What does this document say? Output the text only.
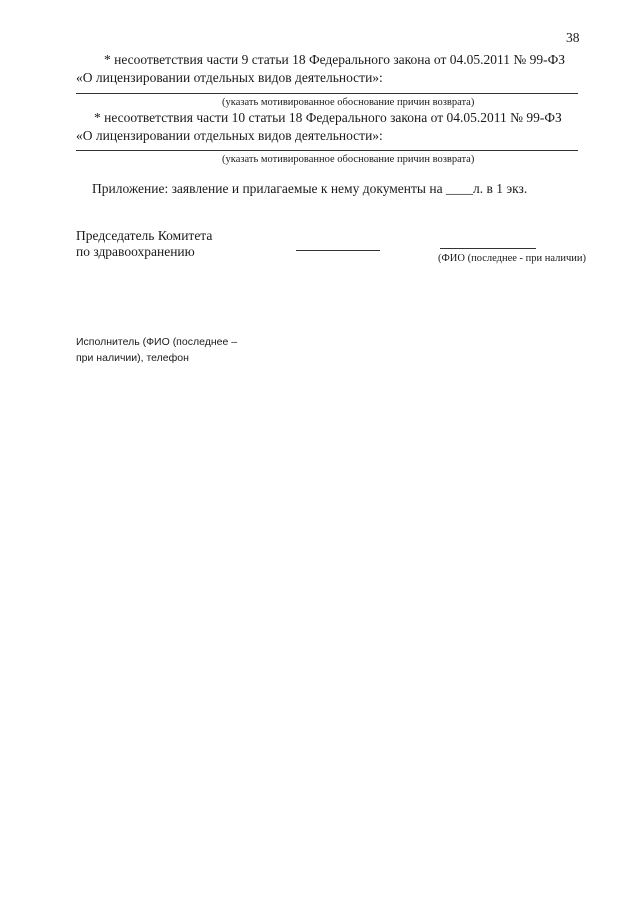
38
* несоответствия части 9 статьи 18 Федерального закона от 04.05.2011 № 99-ФЗ
«О лицензировании отдельных видов деятельности»:
(указать мотивированное обоснование причин возврата)
* несоответствия части 10 статьи 18 Федерального закона от 04.05.2011 № 99-ФЗ
«О лицензировании отдельных видов деятельности»:
(указать мотивированное обоснование причин возврата)
Приложение: заявление и прилагаемые к нему документы на ____л. в 1 экз.
Председатель Комитета
по здравоохранению	(ФИО (последнее - при наличии)
Исполнитель (ФИО (последнее –
при наличии), телефон
